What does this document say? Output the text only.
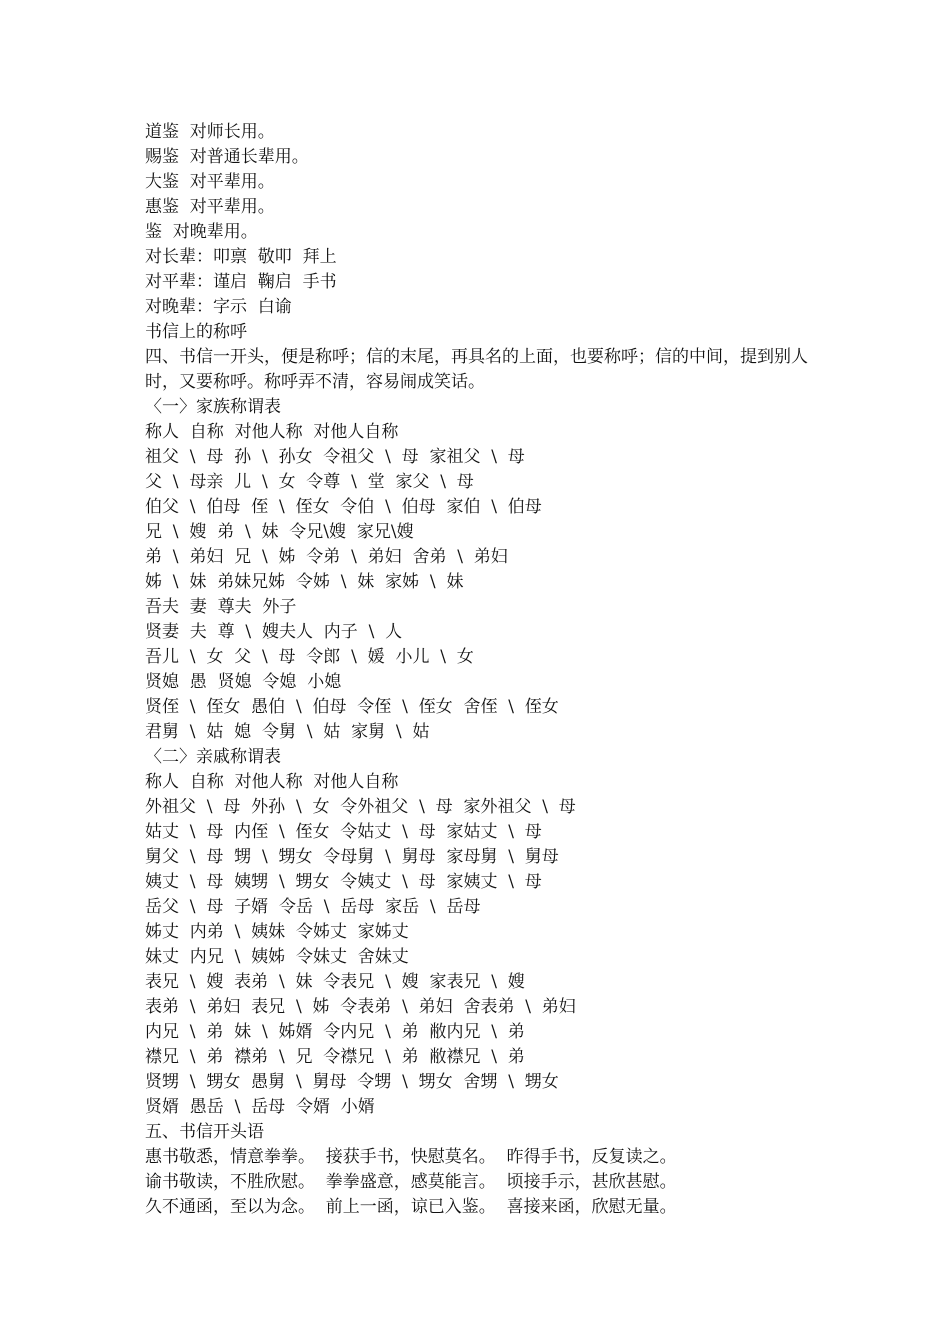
道鉴  对师长用。

赐鉴  对普通长辈用。

大鉴  对平辈用。

惠鉴  对平辈用。

鉴  对晚辈用。

对长辈：叩禀  敬叩  拜上

对平辈：谨启  鞠启  手书

对晚辈：字示  白谕

书信上的称呼

四、书信一开头，便是称呼；信的末尾，再具名的上面，也要称呼；信的中间，提到别人时，又要称呼。称呼弄不清，容易闹成笑话。

〈一〉家族称谓表

称人  自称  对他人称  对他人自称

祖父  \  母  孙  \  孙女  令祖父  \  母  家祖父  \  母

父  \  母亲  儿  \  女  令尊  \  堂  家父  \  母

伯父  \  伯母  侄  \  侄女  令伯  \  伯母  家伯  \  伯母

兄  \  嫂  弟  \  妹  令兄\嫂  家兄\嫂

弟  \  弟妇  兄  \  姊  令弟  \  弟妇  舍弟  \  弟妇

姊  \  妹  弟妹兄姊  令姊  \  妹  家姊  \  妹

吾夫  妻  尊夫  外子

贤妻  夫  尊  \  嫂夫人  内子  \  人

吾儿  \  女  父  \  母  令郎  \  媛  小儿  \  女

贤媳  愚  贤媳  令媳  小媳

贤侄  \  侄女  愚伯  \  伯母  令侄  \  侄女  舍侄  \  侄女

君舅  \  姑  媳  令舅  \  姑  家舅  \  姑

〈二〉亲戚称谓表

称人  自称  对他人称  对他人自称

外祖父  \  母  外孙  \  女  令外祖父  \  母  家外祖父  \  母

姑丈  \  母  内侄  \  侄女  令姑丈  \  母  家姑丈  \  母

舅父  \  母  甥  \  甥女  令母舅  \  舅母  家母舅  \  舅母

姨丈  \  母  姨甥  \  甥女  令姨丈  \  母  家姨丈  \  母

岳父  \  母  子婿  令岳  \  岳母  家岳  \  岳母

姊丈  内弟  \  姨妹  令姊丈  家姊丈

妹丈  内兄  \  姨姊  令妹丈  舍妹丈

表兄  \  嫂  表弟  \  妹  令表兄  \  嫂  家表兄  \  嫂

表弟  \  弟妇  表兄  \  姊  令表弟  \  弟妇  舍表弟  \  弟妇

内兄  \  弟  妹  \  姊婿  令内兄  \  弟  敝内兄  \  弟

襟兄  \  弟  襟弟  \  兄  令襟兄  \  弟  敝襟兄  \  弟

贤甥  \  甥女  愚舅  \  舅母  令甥  \  甥女  舍甥  \  甥女

贤婿  愚岳  \  岳母  令婿  小婿

五、书信开头语

惠书敬悉，情意拳拳。  接获手书，快慰莫名。  昨得手书，反复读之。

谕书敬读，不胜欣慰。  拳拳盛意，感莫能言。  顷接手示，甚欣甚慰。

久不通函，至以为念。  前上一函，谅已入鉴。  喜接来函，欣慰无量。
